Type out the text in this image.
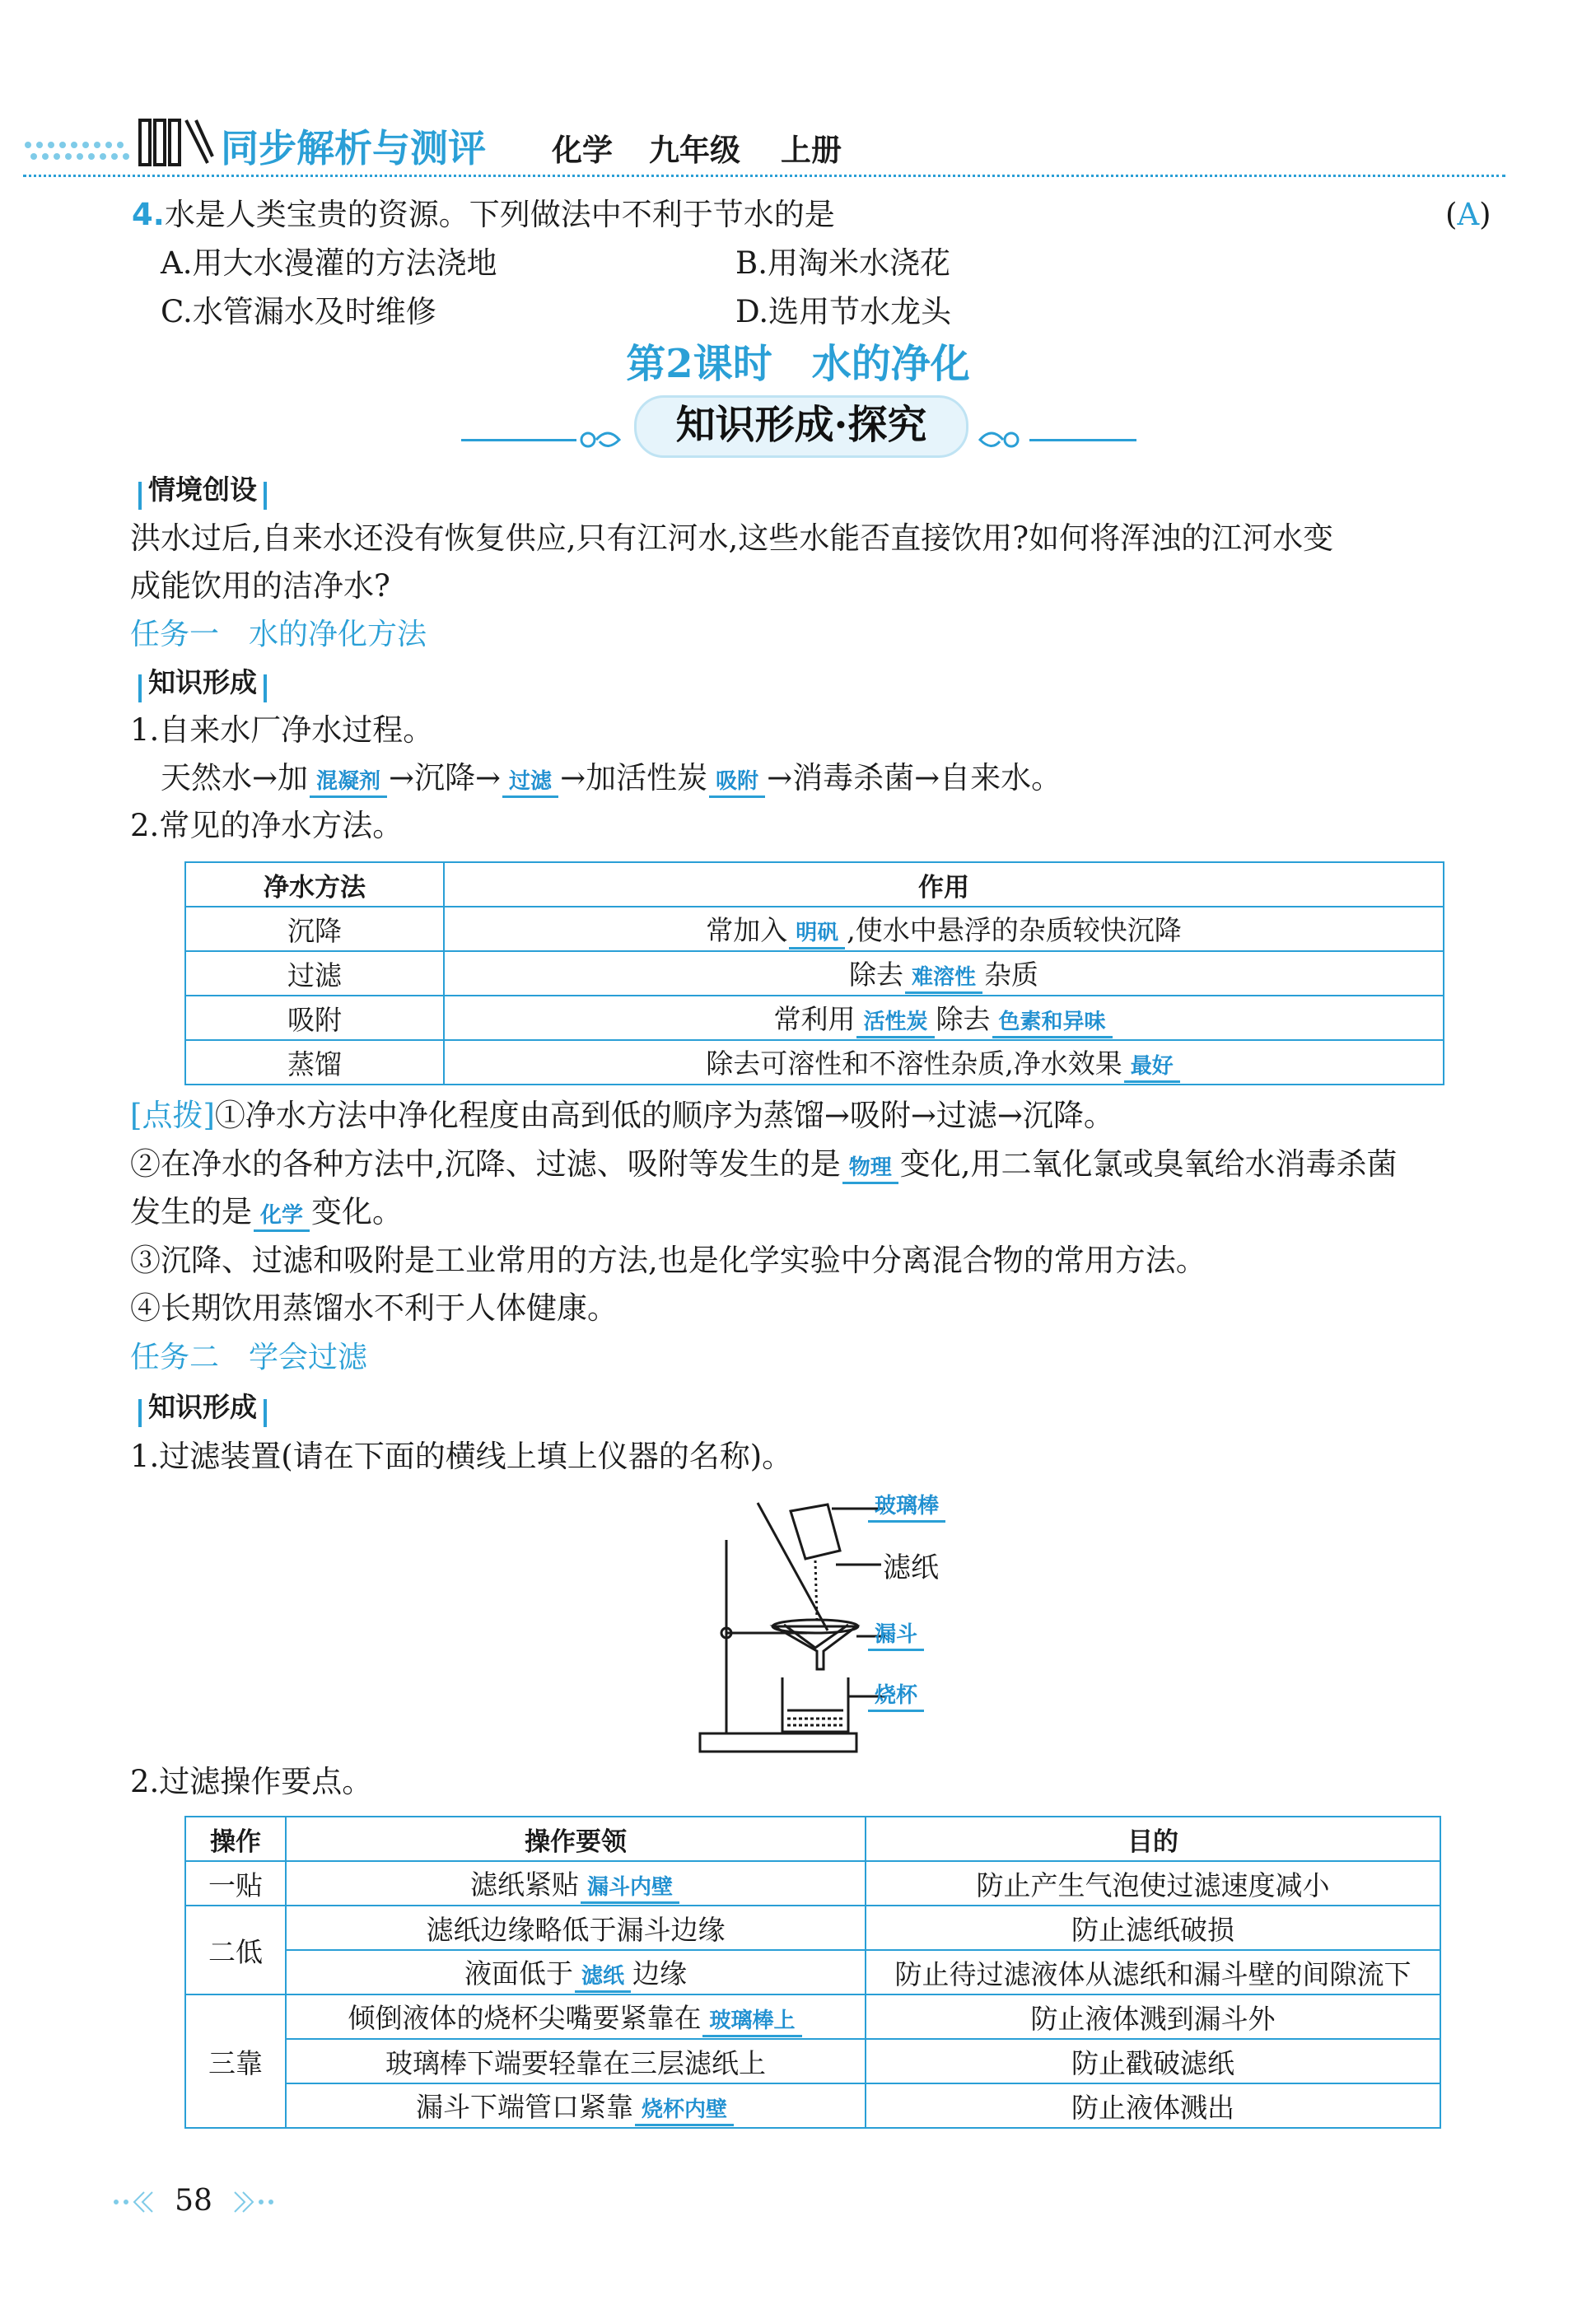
同步解析与测评 化学 九年级 上册
4.水是人类宝贵的资源。下列做法中不利于节水的是	(A)
A.用大水漫灌的方法浇地	B.用淘米水浇花
C.水管漏水及时维修	D.选用节水龙头
第2课时　水的净化
知识形成·探究
情境创设
洪水过后,自来水还没有恢复供应,只有江河水,这些水能否直接饮用?如何将浑浊的江河水变
成能饮用的洁净水?
任务一　水的净化方法
知识形成
1.自来水厂净水过程。
天然水→加 混凝剂 →沉降→ 过滤 →加活性炭 吸附 →消毒杀菌→自来水。
2.常见的净水方法。
净水方法	作用
沉降	常加入 明矾 ,使水中悬浮的杂质较快沉降
过滤	除去 难溶性 杂质
吸附	常利用 活性炭 除去 色素和异味
蒸馏	除去可溶性和不溶性杂质,净水效果 最好
[点拨]①净水方法中净化程度由高到低的顺序为蒸馏→吸附→过滤→沉降。
②在净水的各种方法中,沉降、过滤、吸附等发生的是 物理 变化,用二氧化氯或臭氧给水消毒杀菌
发生的是 化学 变化。
③沉降、过滤和吸附是工业常用的方法,也是化学实验中分离混合物的常用方法。
④长期饮用蒸馏水不利于人体健康。
任务二　学会过滤
知识形成
1.过滤装置(请在下面的横线上填上仪器的名称)。
玻璃棒
滤纸
漏斗
烧杯
2.过滤操作要点。
操作	操作要领	目的
一贴	滤纸紧贴 漏斗内壁	防止产生气泡使过滤速度减小
二低	滤纸边缘略低于漏斗边缘	防止滤纸破损
	液面低于 滤纸 边缘	防止待过滤液体从滤纸和漏斗壁的间隙流下
三靠	倾倒液体的烧杯尖嘴要紧靠在 玻璃棒上	防止液体溅到漏斗外
	玻璃棒下端要轻靠在三层滤纸上	防止戳破滤纸
	漏斗下端管口紧靠 烧杯内壁	防止液体溅出
58
